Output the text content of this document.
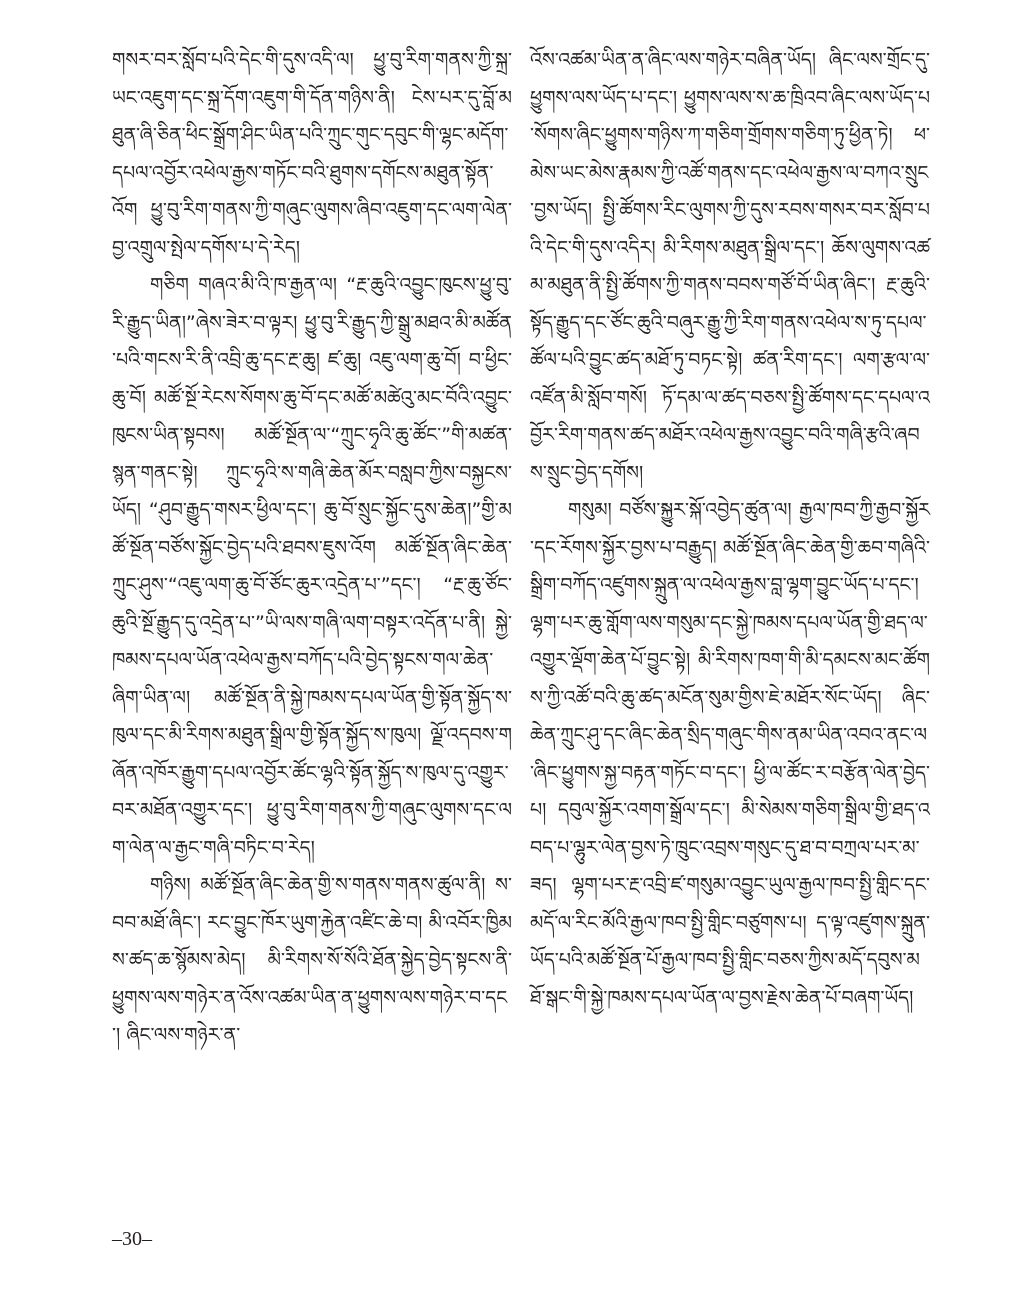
གསར་བར་སློབ་པའི་དེང་གི་དུས་འདི་ལ། ཕྱུ་བུ་རིག་གནས་ཀྱི་སྐྲ་ཡང་འཇུག་དང་སྐྲ་དོག་འཇུག་གི་དོན་གཉིས་ནི། ངེས་པར་དུ་བློ་མཐུན་ཞི་ཅིན་ཕིང་སྒྲོག་ཤིང་ཡིན་པའི་ཀྲུང་གུང་དབུང་གི་ལྷང་མདོག་དཔལ་འབྱོར་འཕེལ་རྒྱས་གཏོང་བའི་ཐུགས་དགོངས་མཐུན་སྟོན་འོག ཕྱུ་བུ་རིག་གནས་ཀྱི་གཞུང་ལུགས་ཞིབ་འཇུག་དང་ལག་ལེན་བྱ་འགྲུལ་སྤེལ་དགོས་པ་དེ་རེད།

གཅིག གཞའ་མི་འི་ཁ་རྒྱན་ལ། “རྔ་ཆུའི་འབྱུང་ཁུངས་ཕྱུ་བུ་རི་རྒྱུད་ཡིན།”ཞེས་ཟེར་བ་ལྟར། ཕྱུ་བུ་རི་རྒྱུད་ཀྱི་སྒྲུ་མཐའ་མི་མཚོན་པའི་གངས་རི་ནི་འབྲི་ཆུ་དང་རྔ་ཆུ། ཛ་ཆུ། འཇུ་ལག་ཆུ་བོ། བ་ཕྱིང་ཆུ་བོ། མཚོ་སྔོ་རེངས་སོགས་ཆུ་བོ་དང་མཚོ་མཚེའུ་མང་བོའི་འབྱུང་ཁུངས་ཡིན་སྟབས། མཚོ་སྔོན་ལ་“ཀྲུང་ཧྭའི་ཆུ་ཚོང་”གི་མཚན་སྙན་གནང་སྟེ། ཀྲུང་ཧྭའི་ས་གཞི་ཆེན་མོར་བསླབ་ཀྱིས་བསྐྱངས་ཡོད། “ཤུབ་རྒྱུད་གསར་ཕྱིལ་དང་། ཆུ་བོ་སྲུང་སྐྱོང་དུས་ཆེན།”གྱི་མཚོ་སྔོན་བཙོས་སྐྱོང་བྱེད་པའི་ཐབས་ཇུས་འོག མཚོ་སྔོན་ཞིང་ཆེན་ཀྲུང་ཤུས་“འཇུ་ལག་ཆུ་བོ་ཙོང་ཆུར་འདྲེན་པ་”དང་། “རྔ་ཆུ་ཙོང་ཆུའི་སྔོ་རྒྱུད་དུ་འདྲེན་པ་”ཡི་ལས་གཞི་ལག་བསྟར་འདོན་པ་ནི། སྐྱེ་ཁམས་དཔལ་ཡོན་འཕེལ་རྒྱས་བཀོད་པའི་བྱེད་སྟངས་གལ་ཆེན་ཞིག་ཡིན་ལ། མཚོ་སྔོན་ནི་སྐྱེ་ཁམས་དཔལ་ཡོན་གྱི་སྟོན་སྐྱོད་ས་ཁུལ་དང་མི་རིགས་མཐུན་སྒྲིལ་གྱི་སྟོན་སྐྱོད་ས་ཁུལ། ལྗོ་འདབས་གཞོན་འཁོར་རྒྱུག་དཔལ་འབྱོར་ཚོང་ལྷའི་སྟོན་སྐྱོད་ས་ཁུལ་དུ་འགྱུར་བར་མཐོན་འགྱུར་དང་། ཕྱུ་བུ་རིག་གནས་ཀྱི་གཞུང་ལུགས་དང་ལག་ལེན་ལ་རྒྱང་གཞི་བཏིང་བ་རེད།

གཉིས། མཚོ་སྔོན་ཞིང་ཆེན་གྱི་ས་གནས་གནས་ཚུལ་ནི། ས་བབ་མཐོ་ཞིང་། རང་བྱུང་ཁོར་ཡུག་རྐྱེན་འཛིང་ཆེ་བ། མི་འབོར་ཁྱིམས་ཚད་ཆ་སྙོམས་མེད། མི་རིགས་སོ་སོའི་ཐོན་སྐྱེད་བྱེད་སྟངས་ནི་ཕྱུགས་ལས་གཉེར་ན་འོས་འཚམ་ཡིན་ན་ཕྱུགས་ལས་གཉེར་བ་དང་། ཞིང་ལས་གཉེར་ན་

འོས་འཚམ་ཡིན་ན་ཞིང་ལས་གཉེར་བཞིན་ཡོད། ཞིང་ལས་གྲོང་དུ་ཕྱུགས་ལས་ཡོད་པ་དང་། ཕྱུགས་ལས་ས་ཆ་ཁྲིའབ་ཞིང་ལས་ཡོད་པ་སོགས་ཞིང་ཕྱུགས་གཉིས་ཀ་གཅིག་གྲོགས་གཅིག་ཏུ་ཕྱིན་ཏེ། ཕ་མེས་ཡང་མེས་རྣམས་ཀྱི་འཚོ་གནས་དང་འཕེལ་རྒྱས་ལ་བཀའ་སྲུང་བྱས་ཡོད། སྤྱི་ཚོགས་རིང་ལུགས་ཀྱི་དུས་རབས་གསར་བར་སློབ་པའི་དེང་གི་དུས་འདིར། མི་རིགས་མཐུན་སྒྲིལ་དང་། ཆོས་ལུགས་འཚམ་མཐུན་ནི་སྤྱི་ཚོགས་ཀྱི་གནས་བབས་གཙོ་བོ་ཡིན་ཞིང་། རྔ་ཆུའི་སྟོད་རྒྱུད་དང་ཙོང་ཆུའི་བཞུར་རྒྱུ་ཀྱི་རིག་གནས་འཕེལ་ས་ཏུ་དཔལ་ཚོལ་པའི་བྱུང་ཚད་མཐོ་ཏུ་བཏང་སྟེ། ཚན་རིག་དང་། ལག་རྩལ་ལ་འཛོན་མི་སློབ་གསོ། ཏོ་དམ་ལ་ཚད་བཅས་སྤྱི་ཚོགས་དང་དཔལ་འབྱོར་རིག་གནས་ཚད་མཐོར་འཕེལ་རྒྱས་འབྱུང་བའི་གཞི་རྩའི་ཞབས་སྲུང་བྱེད་དགོས།

གསུམ། བཙོས་སྐྱུར་སྐོ་འབྱེད་ཚུན་ལ། རྒྱལ་ཁབ་ཀྱི་རྒྱབ་སྐྱོར་དང་རོགས་སྐྱོར་བྱས་པ་བརྒྱུད། མཚོ་སྔོན་ཞིང་ཆེན་གྱི་ཆབ་གཞིའི་སྒྲིག་བཀོད་འཛུགས་སྐྲུན་ལ་འཕེལ་རྒྱས་བླ་ལྷག་བྱུང་ཡོད་པ་དང་། ལྷག་པར་ཆུ་གློག་ལས་གསུམ་དང་སྐྱེ་ཁམས་དཔལ་ཡོན་གྱི་ཐད་ལ་འགྱུར་ལྡོག་ཆེན་པོ་བྱུང་སྟེ། མི་རིགས་ཁག་གི་མི་དམངས་མང་ཚོགས་ཀྱི་འཚོ་བའི་ཆུ་ཚད་མངོན་སུམ་གྱིས་ཇེ་མཐོར་སོང་ཡོད། ཞིང་ཆེན་ཀྲུང་ཤུ་དང་ཞིང་ཆེན་སྲིད་གཞུང་གིས་ནམ་ཡིན་འབའ་ནང་ལ་ཞིང་ཕྱུགས་སྐྱ་བརྟན་གཏོང་བ་དང་། ཕྱི་ལ་ཚོང་ར་བརྩོན་ལེན་བྱེད་པ། དབུལ་སྐྱོར་འགག་སྒྲོལ་དང་། མི་སེམས་གཅིག་སྒྲིལ་གྱི་ཐད་འབད་པ་ལྷུར་ལེན་བྱས་ཏེ་ཁྲུང་འབྲས་གསུང་དུ་ཐ་བ་བཀྲལ་པར་མ་ཟད། ལྷག་པར་རྔ་འབྲི་ཛ་གསུམ་འབྱུང་ཡུལ་རྒྱལ་ཁབ་སྤྱི་གླིང་དང་མདོ་ལ་རིང་མོའི་རྒྱལ་ཁབ་སྤྱི་གླིང་བཙུགས་པ། ད་ལྟ་འཛུགས་སྐྲུན་ཡོད་པའི་མཚོ་སྔོན་པོ་རྒྱལ་ཁབ་སྤྱི་གླིང་བཅས་ཀྱིས་མདོ་དབུས་མཐོ་སྒང་གི་སྐྱེ་ཁམས་དཔལ་ཡོན་ལ་བྱས་རྗེས་ཆེན་པོ་བཞག་ཡོད།

–30–
